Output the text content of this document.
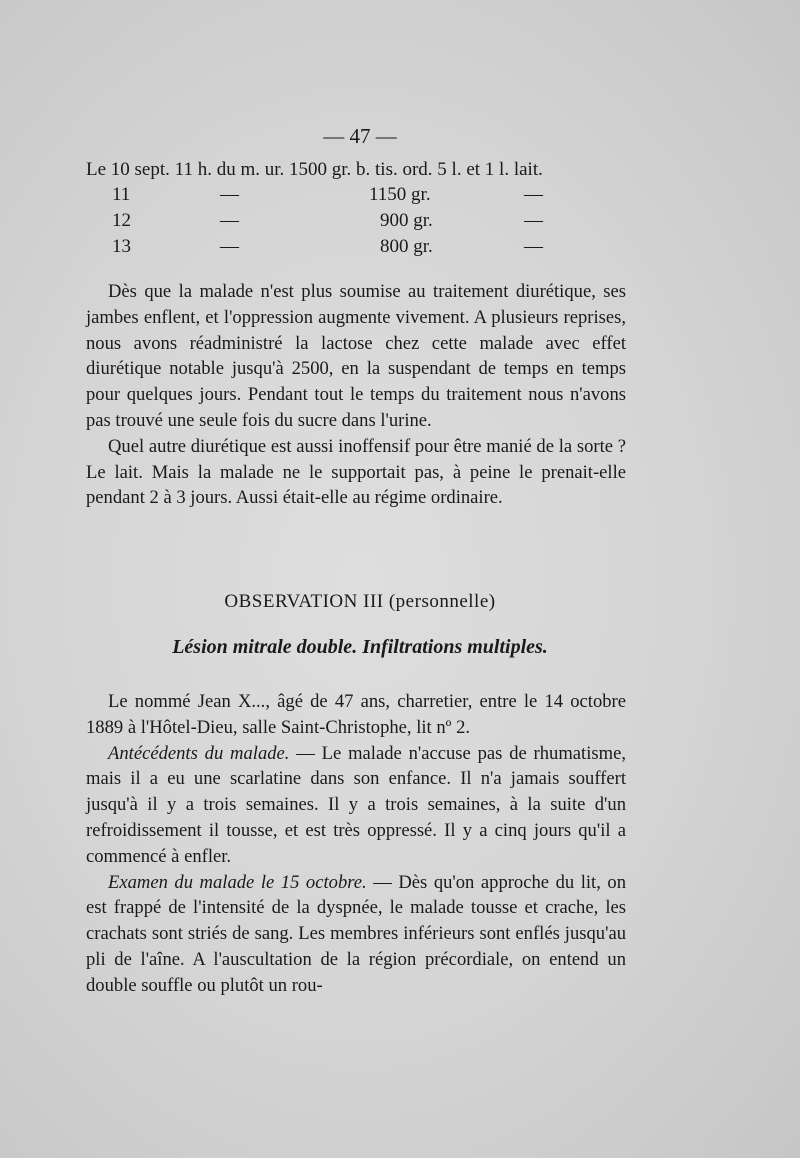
— 47 —
Le 10 sept. 11 h. du m. ur. 1500 gr. b. tis. ord. 5 l. et 1 l. lait.
11	—	1150 gr.	—
12	—	900 gr.	—
13	—	800 gr.	—

Dès que la malade n'est plus soumise au traitement diurétique, ses jambes enflent, et l'oppression augmente vivement. A plusieurs reprises, nous avons réadministré la lactose chez cette malade avec effet diurétique notable jusqu'à 2500, en la suspendant de temps en temps pour quelques jours. Pendant tout le temps du traitement nous n'avons pas trouvé une seule fois du sucre dans l'urine.

Quel autre diurétique est aussi inoffensif pour être manié de la sorte ? Le lait. Mais la malade ne le supportait pas, à peine le prenait-elle pendant 2 à 3 jours. Aussi était-elle au régime ordinaire.

OBSERVATION III (personnelle)
Lésion mitrale double. Infiltrations multiples.

Le nommé Jean X..., âgé de 47 ans, charretier, entre le 14 octobre 1889 à l'Hôtel-Dieu, salle Saint-Christophe, lit nº 2.

Antécédents du malade. — Le malade n'accuse pas de rhumatisme, mais il a eu une scarlatine dans son enfance. Il n'a jamais souffert jusqu'à il y a trois semaines. Il y a trois semaines, à la suite d'un refroidissement il tousse, et est très oppressé. Il y a cinq jours qu'il a commencé à enfler.

Examen du malade le 15 octobre. — Dès qu'on approche du lit, on est frappé de l'intensité de la dyspnée, le malade tousse et crache, les crachats sont striés de sang. Les membres inférieurs sont enflés jusqu'au pli de l'aîne. A l'auscultation de la région précordiale, on entend un double souffle ou plutôt un rou-
